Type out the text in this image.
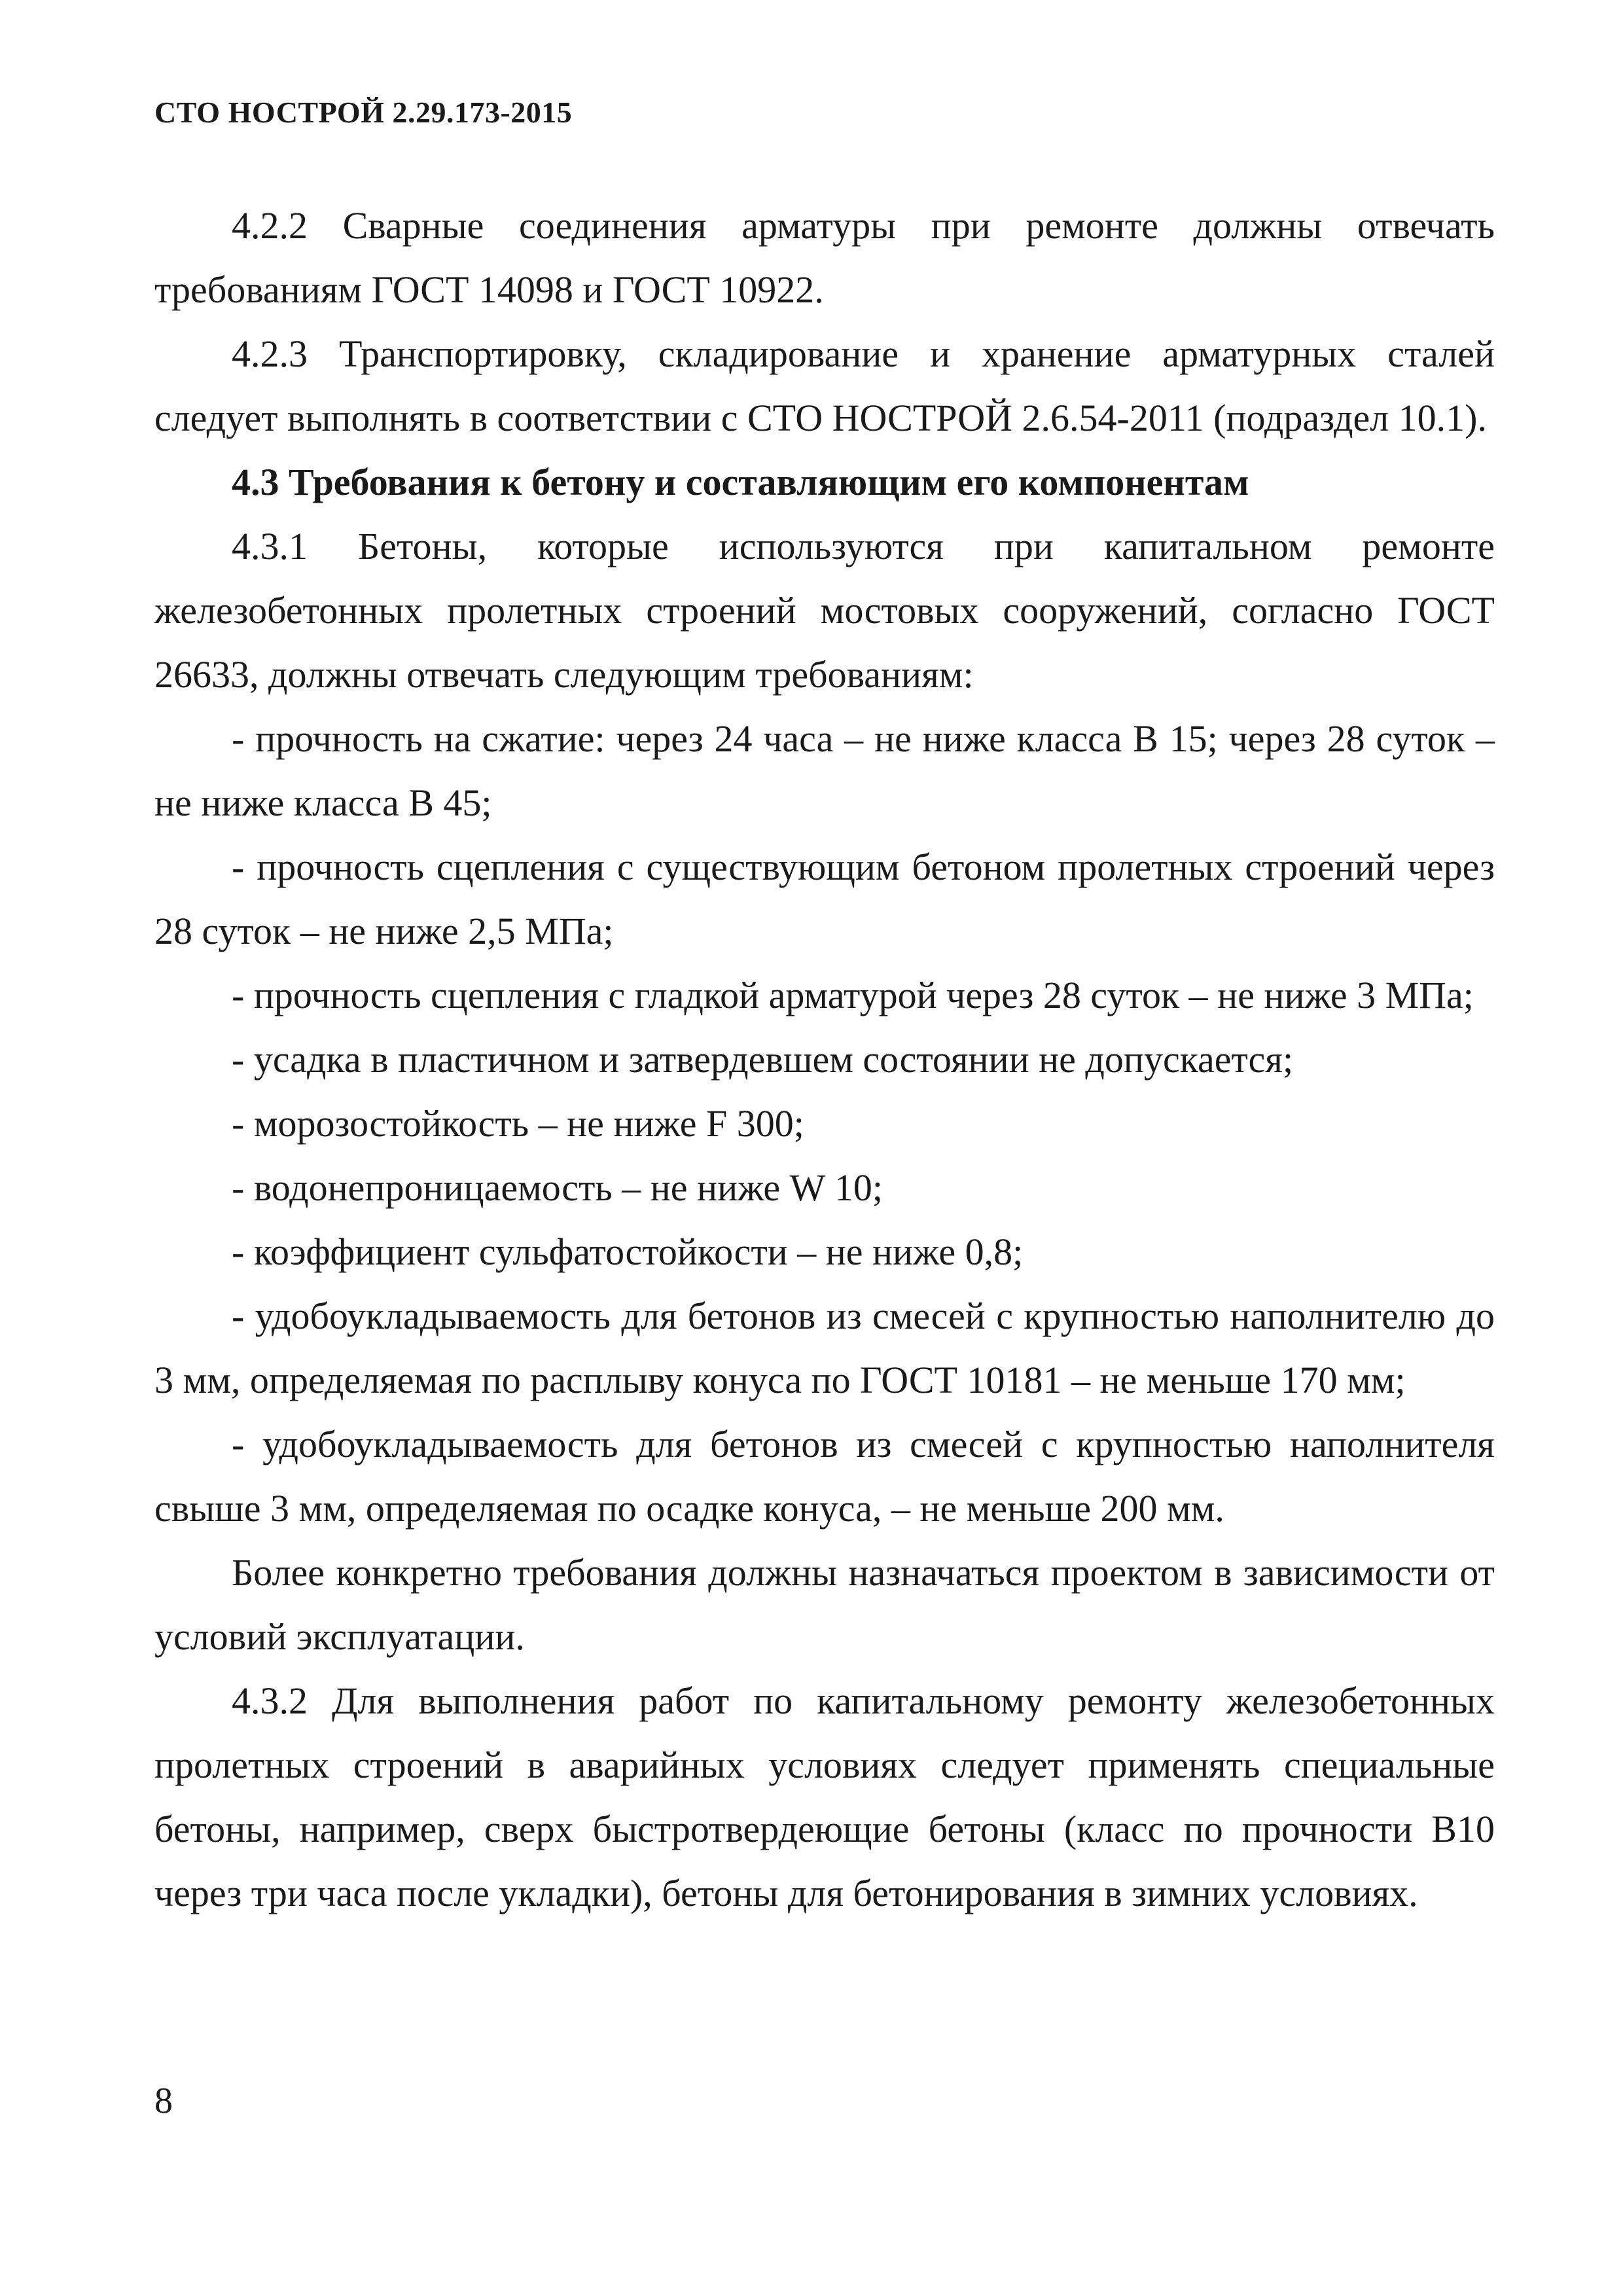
СТО НОСТРОЙ 2.29.173-2015

4.2.2 Сварные соединения арматуры при ремонте должны отвечать требованиям ГОСТ 14098 и ГОСТ 10922.

4.2.3 Транспортировку, складирование и хранение арматурных сталей следует выполнять в соответствии с СТО НОСТРОЙ 2.6.54-2011 (подраздел 10.1).

4.3 Требования к бетону и составляющим его компонентам

4.3.1 Бетоны, которые используются при капитальном ремонте железобетонных пролетных строений мостовых сооружений, согласно ГОСТ 26633, должны отвечать следующим требованиям:

- прочность на сжатие: через 24 часа – не ниже класса В 15; через 28 суток – не ниже класса В 45;

- прочность сцепления с существующим бетоном пролетных строений через 28 суток – не ниже 2,5 МПа;

- прочность сцепления с гладкой арматурой через 28 суток – не ниже 3 МПа;

- усадка в пластичном и затвердевшем состоянии не допускается;

- морозостойкость – не ниже F 300;

- водонепроницаемость – не ниже W 10;

- коэффициент сульфатостойкости – не ниже 0,8;

- удобоукладываемость для бетонов из смесей с крупностью наполнителю до 3 мм, определяемая по расплыву конуса по ГОСТ 10181 – не меньше 170 мм;

- удобоукладываемость для бетонов из смесей с крупностью наполнителя свыше 3 мм, определяемая по осадке конуса, – не меньше 200 мм.

Более конкретно требования должны назначаться проектом в зависимости от условий эксплуатации.

4.3.2 Для выполнения работ по капитальному ремонту железобетонных пролетных строений в аварийных условиях следует применять специальные бетоны, например, сверх быстротвердеющие бетоны (класс по прочности В10 через три часа после укладки), бетоны для бетонирования в зимних условиях.

8
